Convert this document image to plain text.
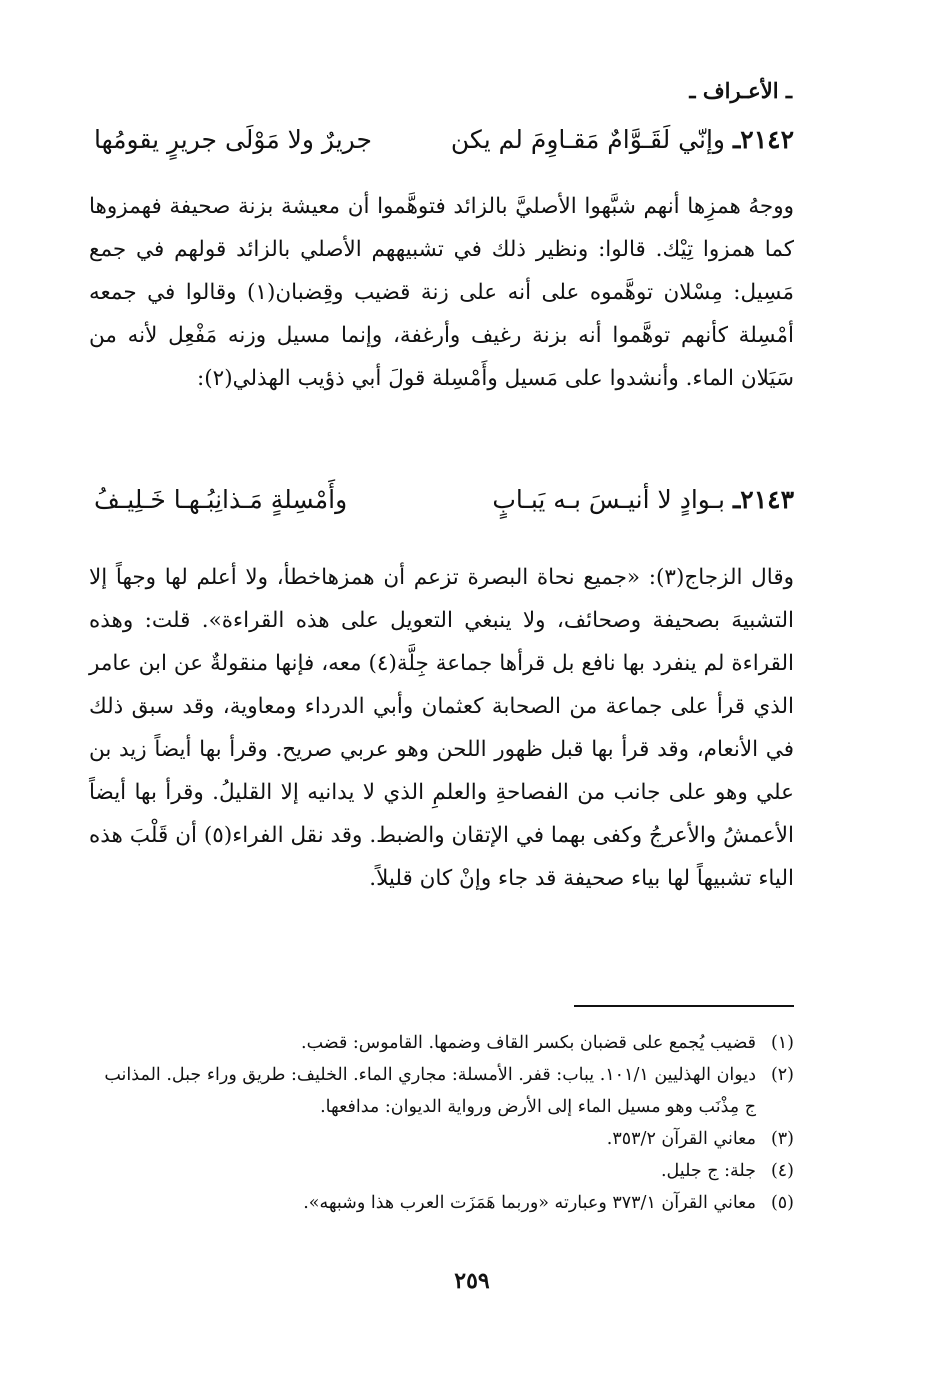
ـ الأعـراف ـ
٢١٤٢ـ وإنّي لَقَـوَّامٌ مَقـاوِمَ لم يكن
جريرٌ ولا مَوْلَى جريرٍ يقومُها
ووجهُ همزِها أنهم شبَّهوا الأصليَّ بالزائد فتوهَّموا أن معيشة بزنة صحيفة فهمزوها كما همزوا تِيْك. قالوا: ونظير ذلك في تشبيههم الأصلي بالزائد قولهم في جمع مَسِيل: مِسْلان توهَّموه على أنه على زنة قضيب وقِضبان(١) وقالوا في جمعه أمْسِلة كأنهم توهَّموا أنه بزنة رغيف وأرغفة، وإنما مسيل وزنه مَفْعِل لأنه من سَيَلان الماء. وأنشدوا على مَسيل وأَمْسِلة قولَ أبي ذؤيب الهذلي(٢):
٢١٤٣ـ بـوادٍ لا أنيـسَ بـه يَبـابٍ
وأَمْسِلةٍ مَـذانِبُـهـا خَـلِيـفُ
وقال الزجاج(٣): «جميع نحاة البصرة تزعم أن همزهاخطأ، ولا أعلم لها وجهاً إلا التشبيهَ بصحيفة وصحائف، ولا ينبغي التعويل على هذه القراءة». قلت: وهذه القراءة لم ينفرد بها نافع بل قرأها جماعة جِلَّة(٤) معه، فإنها منقولةٌ عن ابن عامر الذي قرأ على جماعة من الصحابة كعثمان وأبي الدرداء ومعاوية، وقد سبق ذلك في الأنعام، وقد قرأ بها قبل ظهور اللحن وهو عربي صريح. وقرأ بها أيضاً زيد بن علي وهو على جانب من الفصاحةِ والعلمِ الذي لا يدانيه إلا القليلُ. وقرأ بها أيضاً الأعمشُ والأعرجُ وكفى بهما في الإتقان والضبط. وقد نقل الفراء(٥) أن قَلْبَ هذه الياء تشبيهاً لها بياء صحيفة قد جاء وإنْ كان قليلاً.
(١)
قضيب يُجمع على قضبان بكسر القاف وضمها. القاموس: قضب.
(٢)
ديوان الهذليين ١٠١/١. يباب: قفر. الأمسلة: مجاري الماء. الخليف: طريق وراء جبل. المذانب ج مِذْنَب وهو مسيل الماء إلى الأرض ورواية الديوان: مدافعها.
(٣)
معاني القرآن ٣٥٣/٢.
(٤)
جلة: ج جليل.
(٥)
معاني القرآن ٣٧٣/١ وعبارته «وربما هَمَزَت العرب هذا وشبهه».
٢٥٩
